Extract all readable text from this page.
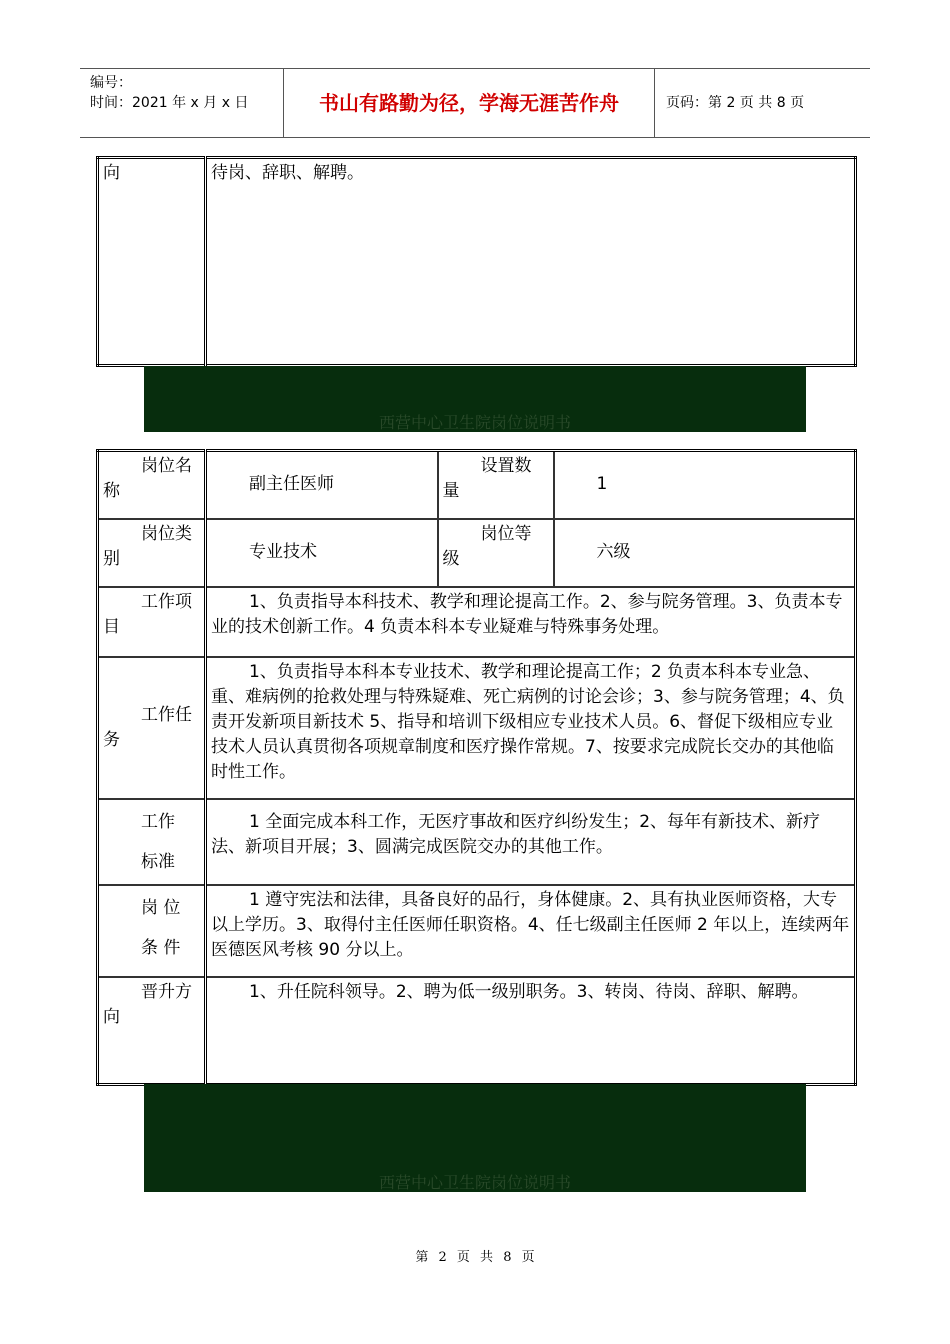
编号：
时间：2021 年 x 月 x 日	书山有路勤为径，学海无涯苦作舟	页码：第 2 页 共 8 页
向	待岗、辞职、解聘。
西营中心卫生院岗位说明书
岗位名
称	副主任医师	设置数
量	1

岗位类
别	专业技术	岗位等
级	六级

工作项
目	1、负责指导本科技术、教学和理论提高工作。2、参与院务管理。3、负责本专业的技术创新工作。4 负责本科本专业疑难与特殊事务处理。		

工作任
务	1、负责指导本科本专业技术、教学和理论提高工作；2 负责本科本专业急、重、难病例的抢救处理与特殊疑难、死亡病例的讨论会诊；3、参与院务管理；4、负责开发新项目新技术 5、指导和培训下级相应专业技术人员。6、督促下级相应专业技术人员认真贯彻各项规章制度和医疗操作常规。7、按要求完成院长交办的其他临时性工作。		

工作
标准	1 全面完成本科工作，无医疗事故和医疗纠纷发生；2、每年有新技术、新疗法、新项目开展；3、圆满完成医院交办的其他工作。		

岗 位
条 件	1 遵守宪法和法律，具备良好的品行，身体健康。2、具有执业医师资格，大专以上学历。3、取得付主任医师任职资格。4、任七级副主任医师 2 年以上，连续两年医德医风考核 90 分以上。		

晋升方
向	1、升任院科领导。2、聘为低一级别职务。3、转岗、待岗、辞职、解聘。		
西营中心卫生院岗位说明书
第 2 页 共 8 页
